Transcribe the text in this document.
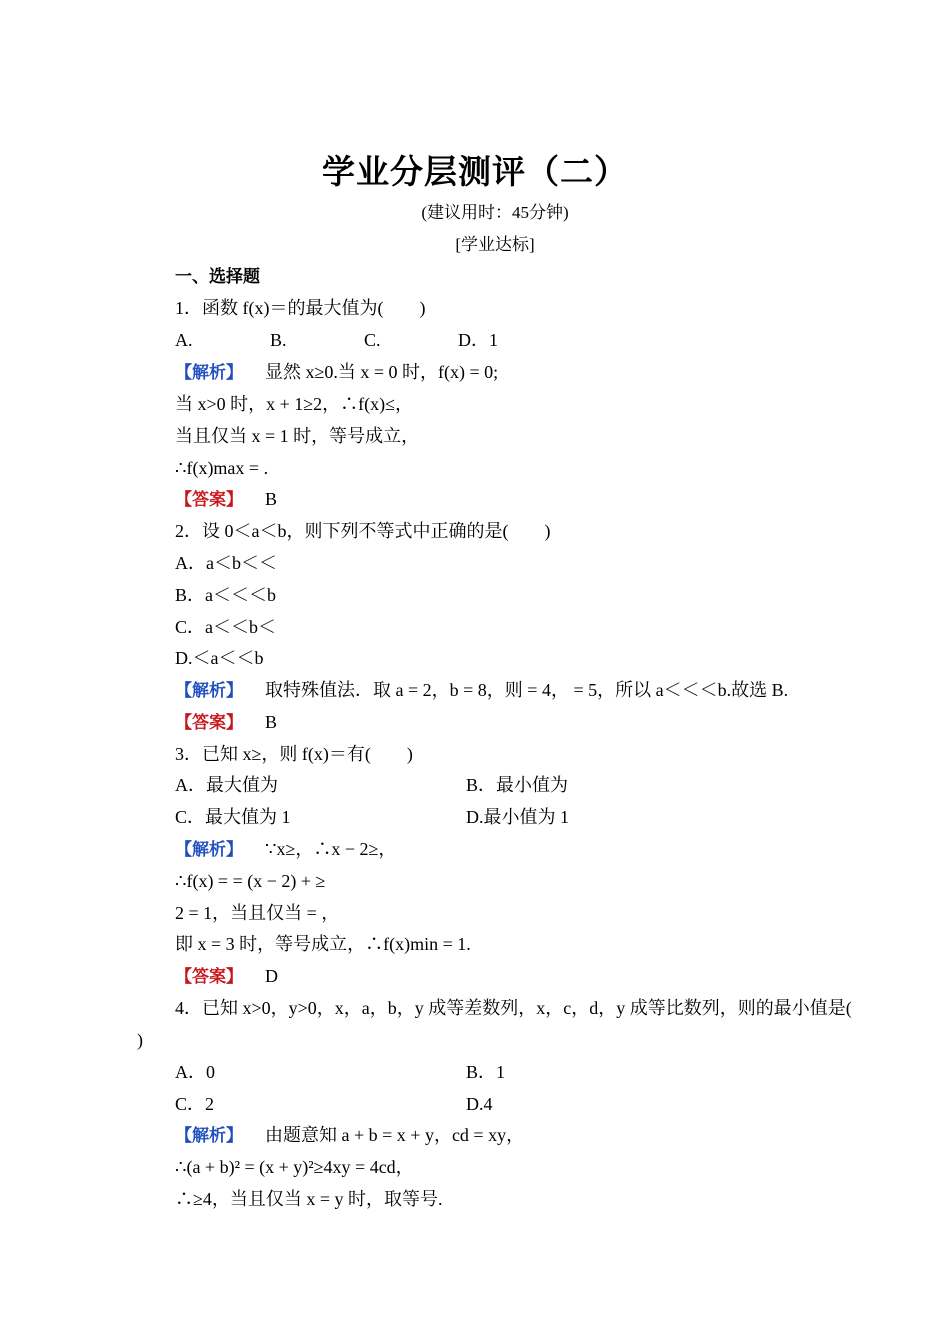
学业分层测评（二）
(建议用时：45分钟)
[学业达标]
一、选择题
1．函数 f(x)＝的最大值为(　　)
A.	B.	C.	D．1
【解析】 显然 x≥0.当 x = 0 时，f(x) = 0;
当 x>0 时，x + 1≥2，∴f(x)≤，
当且仅当 x = 1 时，等号成立，
∴f(x)max = .
【答案】 B
2．设 0＜a＜b，则下列不等式中正确的是(　　)
A．a＜b＜＜
B．a＜＜＜b
C．a＜＜b＜
D.＜a＜＜b
【解析】 取特殊值法．取 a = 2，b = 8，则 = 4， = 5，所以 a＜＜＜b.故选 B.
【答案】 B
3．已知 x≥，则 f(x)＝有(　　)
A．最大值为	B．最小值为
C．最大值为 1	D.最小值为 1
【解析】 ∵x≥，∴x − 2≥，
∴f(x) = = (x − 2) + ≥
2 = 1，当且仅当 = ，
即 x = 3 时，等号成立，∴f(x)min = 1.
【答案】 D
4．已知 x>0，y>0，x，a，b，y 成等差数列，x，c，d，y 成等比数列，则的最小值是(
)
A．0	B．1
C．2	D.4
【解析】 由题意知 a + b = x + y，cd = xy，
∴(a + b)² = (x + y)²≥4xy = 4cd，
∴≥4，当且仅当 x = y 时，取等号.
